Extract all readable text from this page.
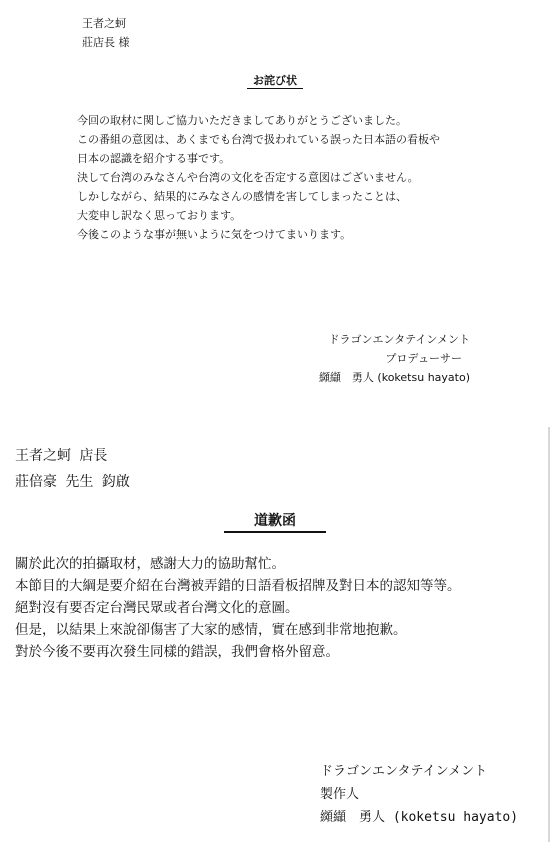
王者之蚵
莊店長 様
お詫び状
今回の取材に関しご協力いただきましてありがとうございました。
この番組の意図は、あくまでも台湾で扱われている誤った日本語の看板や
日本の認識を紹介する事です。
決して台湾のみなさんや台湾の文化を否定する意図はございません。
しかしながら、結果的にみなさんの感情を害してしまったことは、
大変申し訳なく思っております。
今後このような事が無いように気をつけてまいります。
ドラゴンエンタテインメント
プロデューサー
纐纈　勇人 (koketsu hayato)
王者之蚵 店長
莊倍豪 先生 鈞啟
道歉函
關於此次的拍攝取材，感謝大力的協助幫忙。
本節目的大綱是要介紹在台灣被弄錯的日語看板招牌及對日本的認知等等。
絕對沒有要否定台灣民眾或者台灣文化的意圖。
但是，以結果上來說卻傷害了大家的感情，實在感到非常地抱歉。
對於今後不要再次發生同樣的錯誤，我們會格外留意。
ドラゴンエンタテインメント
製作人
纐纈　勇人 (koketsu hayato)
